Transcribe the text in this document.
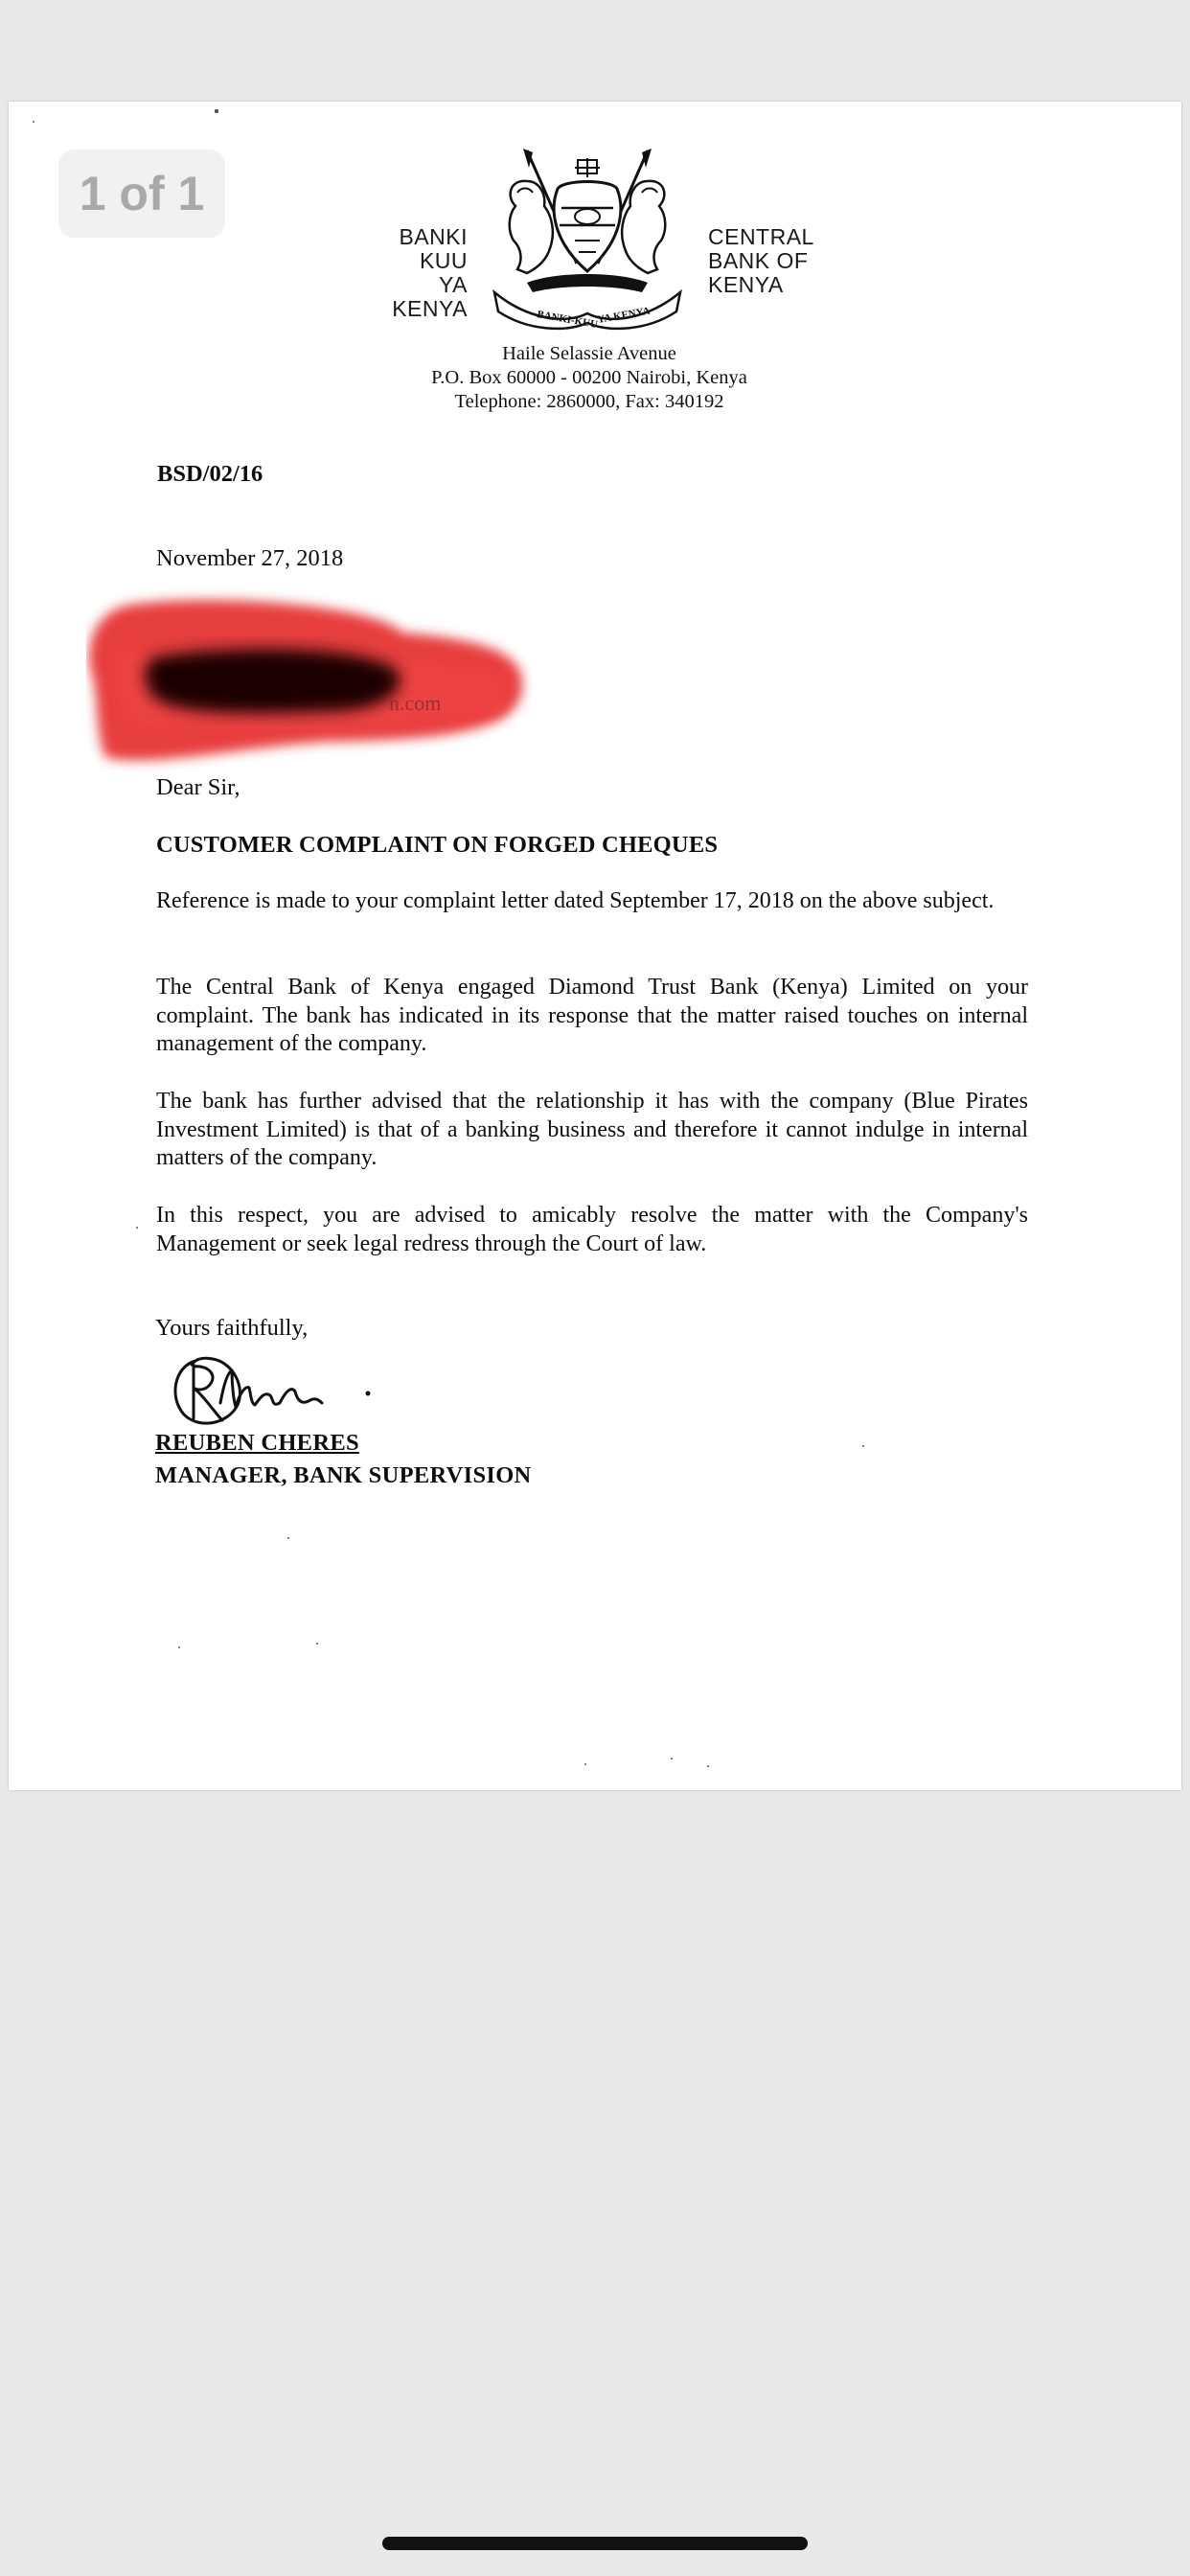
1 of 1
BANKI
KUU YA
KENYA	BANKI-KUU
YA KENYA
CENTRAL
BANK OF
KENYA
Haile Selassie Avenue
P.O. Box 60000 - 00200 Nairobi, Kenya
Telephone: 2860000, Fax: 340192
BSD/02/16
November 27, 2018
n.com
Dear Sir,
CUSTOMER COMPLAINT ON FORGED CHEQUES
Reference is made to your complaint letter dated September 17, 2018 on the above subject.
The Central Bank of Kenya engaged Diamond Trust Bank (Kenya) Limited on your complaint. The bank has indicated in its response that the matter raised touches on internal management of the company.
The bank has further advised that the relationship it has with the company (Blue Pirates Investment Limited) is that of a banking business and therefore it cannot indulge in internal matters of the company.
In this respect, you are advised to amicably resolve the matter with the Company's Management or seek legal redress through the Court of law.
Yours faithfully,
REUBEN CHERES
MANAGER, BANK SUPERVISION
